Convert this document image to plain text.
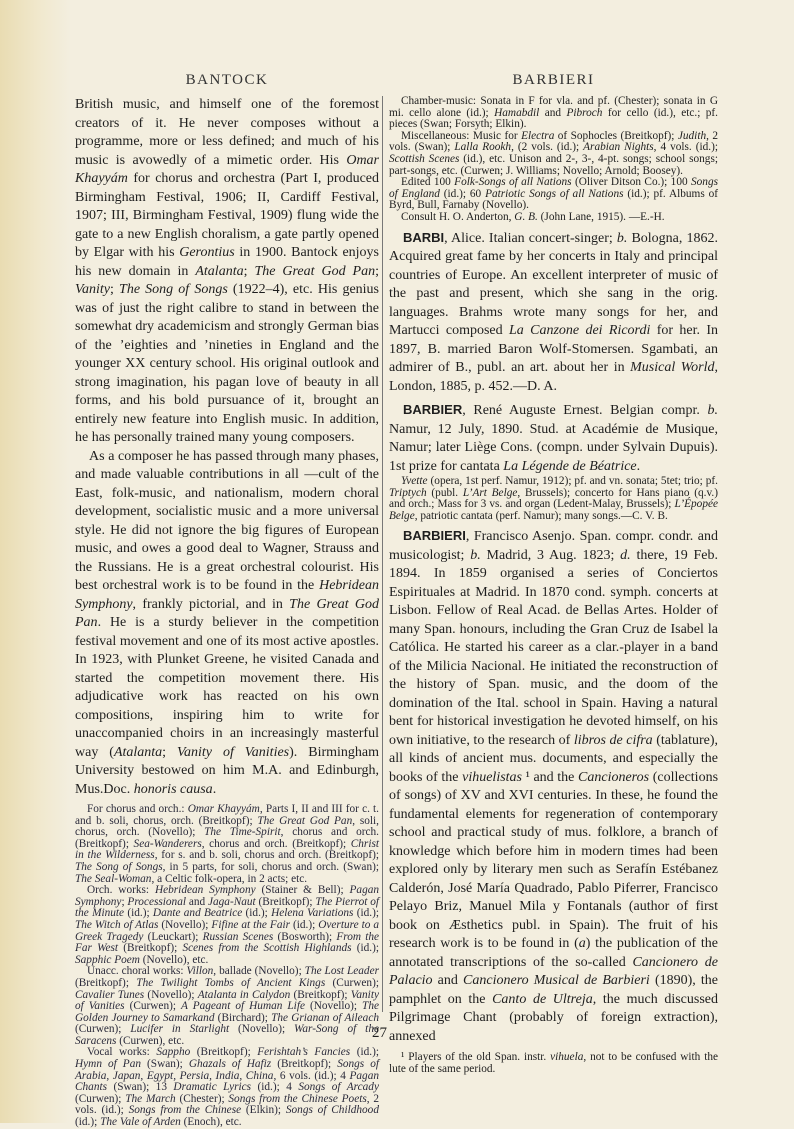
BANTOCK	BARBIERI

British music, and himself one of the foremost creators of it. He never composes without a programme, more or less defined; and much of his music is avowedly of a mimetic order. His Omar Khayyám for chorus and orchestra (Part I, produced Birmingham Festival, 1906; II, Cardiff Festival, 1907; III, Birmingham Festival, 1909) flung wide the gate to a new English choralism, a gate partly opened by Elgar with his Gerontius in 1900. Bantock enjoys his new domain in Atalanta; The Great God Pan; Vanity; The Song of Songs (1922–4), etc. His genius was of just the right calibre to stand in between the somewhat dry academicism and strongly German bias of the ’eighties and ’nineties in England and the younger XX century school. His original outlook and strong imagination, his pagan love of beauty in all forms, and his bold pursuance of it, brought an entirely new feature into English music. In addition, he has personally trained many young composers.

As a composer he has passed through many phases, and made valuable contributions in all —cult of the East, folk-music, and nationalism, modern choral development, socialistic music and a more universal style. He did not ignore the big figures of European music, and owes a good deal to Wagner, Strauss and the Russians. He is a great orchestral colourist. His best orchestral work is to be found in the Hebridean Symphony, frankly pictorial, and in The Great God Pan. He is a sturdy believer in the competition festival movement and one of its most active apostles. In 1923, with Plunket Greene, he visited Canada and started the competition movement there. His adjudicative work has reacted on his own compositions, inspiring him to write for unaccompanied choirs in an increasingly masterful way (Atalanta; Vanity of Vanities). Birmingham University bestowed on him M.A. and Edinburgh, Mus.Doc. honoris causa.

For chorus and orch.: Omar Khayyám, Parts I, II and III for c. t. and b. soli, chorus, orch. (Breitkopf); The Great God Pan, soli, chorus, orch. (Novello); The Time-Spirit, chorus and orch. (Breitkopf); Sea-Wanderers, chorus and orch. (Breitkopf); Christ in the Wilderness, for s. and b. soli, chorus and orch. (Breitkopf); The Song of Songs, in 5 parts, for soli, chorus and orch. (Swan); The Seal-Woman, a Celtic folk-opera, in 2 acts; etc.

Orch. works: Hebridean Symphony (Stainer & Bell); Pagan Symphony; Processional and Jaga-Naut (Breitkopf); The Pierrot of the Minute (id.); Dante and Beatrice (id.); Helena Variations (id.); The Witch of Atlas (Novello); Fifine at the Fair (id.); Overture to a Greek Tragedy (Leuckart); Russian Scenes (Bosworth); From the Far West (Breitkopf); Scenes from the Scottish Highlands (id.); Sapphic Poem (Novello), etc.

Unacc. choral works: Villon, ballade (Novello); The Lost Leader (Breitkopf); The Twilight Tombs of Ancient Kings (Curwen); Cavalier Tunes (Novello); Atalanta in Calydon (Breitkopf); Vanity of Vanities (Curwen); A Pageant of Human Life (Novello); The Golden Journey to Samarkand (Birchard); The Grianan of Aileach (Curwen); Lucifer in Starlight (Novello); War-Song of the Saracens (Curwen), etc.

Vocal works: Sappho (Breitkopf); Ferishtah’s Fancies (id.); Hymn of Pan (Swan); Ghazals of Hafiz (Breitkopf); Songs of Arabia, Japan, Egypt, Persia, India, China, 6 vols. (id.); 4 Pagan Chants (Swan); 13 Dramatic Lyrics (id.); 4 Songs of Arcady (Curwen); The March (Chester); Songs from the Chinese Poets, 2 vols. (id.); Songs from the Chinese (Elkin); Songs of Childhood (id.); The Vale of Arden (Enoch), etc.

Chamber-music: Sonata in F for vla. and pf. (Chester); sonata in G mi. cello alone (id.); Hamabdil and Pibroch for cello (id.), etc.; pf. pieces (Swan; Forsyth; Elkin).

Miscellaneous: Music for Electra of Sophocles (Breitkopf); Judith, 2 vols. (Swan); Lalla Rookh, (2 vols. (id.); Arabian Nights, 4 vols. (id.); Scottish Scenes (id.), etc. Unison and 2-, 3-, 4-pt. songs; school songs; part-songs, etc. (Curwen; J. Williams; Novello; Arnold; Boosey).

Edited 100 Folk-Songs of all Nations (Oliver Ditson Co.); 100 Songs of England (id.); 60 Patriotic Songs of all Nations (id.); pf. Albums of Byrd, Bull, Farnaby (Novello).

Consult H. O. Anderton, G. B. (John Lane, 1915). —E.-H.

BARBI, Alice. Italian concert-singer; b. Bologna, 1862. Acquired great fame by her concerts in Italy and principal countries of Europe. An excellent interpreter of music of the past and present, which she sang in the orig. languages. Brahms wrote many songs for her, and Martucci composed La Canzone dei Ricordi for her. In 1897, B. married Baron Wolf-Stomersen. Sgambati, an admirer of B., publ. an art. about her in Musical World, London, 1885, p. 452.—D. A.

BARBIER, René Auguste Ernest. Belgian compr. b. Namur, 12 July, 1890. Stud. at Académie de Musique, Namur; later Liège Cons. (compn. under Sylvain Dupuis). 1st prize for cantata La Légende de Béatrice.

Yvette (opera, 1st perf. Namur, 1912); pf. and vn. sonata; 5tet; trio; pf. Triptych (publ. L’Art Belge, Brussels); concerto for Hans piano (q.v.) and orch.; Mass for 3 vs. and organ (Ledent-Malay, Brussels); L’Épopée Belge, patriotic cantata (perf. Namur); many songs.—C. V. B.

BARBIERI, Francisco Asenjo. Span. compr. condr. and musicologist; b. Madrid, 3 Aug. 1823; d. there, 19 Feb. 1894. In 1859 organised a series of Conciertos Espirituales at Madrid. In 1870 cond. symph. concerts at Lisbon. Fellow of Real Acad. de Bellas Artes. Holder of many Span. honours, including the Gran Cruz de Isabel la Católica. He started his career as a clar.-player in a band of the Milicia Nacional. He initiated the reconstruction of the history of Span. music, and the doom of the domination of the Ital. school in Spain. Having a natural bent for historical investigation he devoted himself, on his own initiative, to the research of libros de cifra (tablature), all kinds of ancient mus. documents, and especially the books of the vihuelistas ¹ and the Cancioneros (collections of songs) of XV and XVI centuries. In these, he found the fundamental elements for regeneration of contemporary school and practical study of mus. folklore, a branch of knowledge which before him in modern times had been explored only by literary men such as Serafín Estébanez Calderón, José María Quadrado, Pablo Piferrer, Francisco Pelayo Briz, Manuel Mila y Fontanals (author of first book on Æsthetics publ. in Spain). The fruit of his research work is to be found in (a) the publication of the annotated transcriptions of the so-called Cancionero de Palacio and Cancionero Musical de Barbieri (1890), the pamphlet on the Canto de Ultreja, the much discussed Pilgrimage Chant (probably of foreign extraction), annexed

¹ Players of the old Span. instr. vihuela, not to be confused with the lute of the same period.

27
